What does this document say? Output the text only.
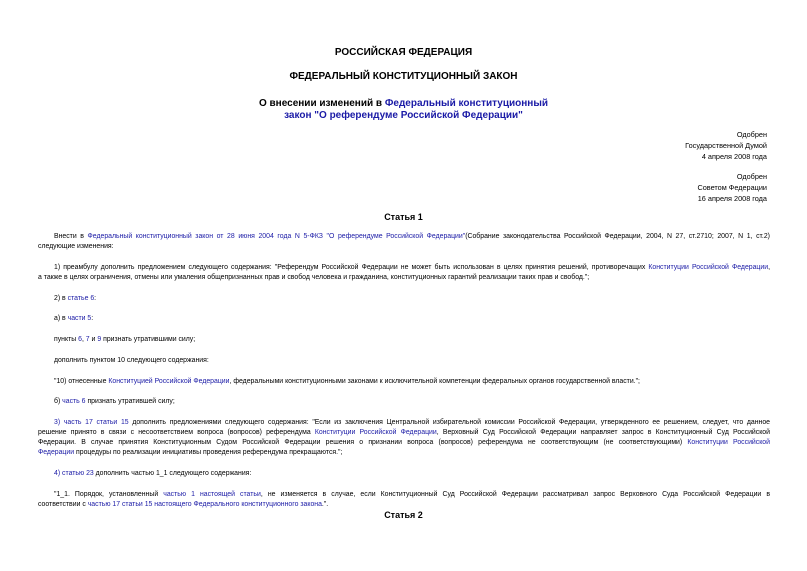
РОССИЙСКАЯ ФЕДЕРАЦИЯ
ФЕДЕРАЛЬНЫЙ КОНСТИТУЦИОННЫЙ ЗАКОН
О внесении изменений в Федеральный конституционный
закон "О референдуме Российской Федерации"
Одобрен
Государственной Думой
4 апреля 2008 года
Одобрен
Советом Федерации
16 апреля 2008 года
Статья 1
Внести в Федеральный конституционный закон от 28 июня 2004 года N 5-ФКЗ "О референдуме Российской Федерации"(Собрание законодательства Российской Федерации, 2004, N 27, ст.2710; 2007, N 1, ст.2)
следующие изменения:
1) преамбулу дополнить предложением следующего содержания: "Референдум Российской Федерации не может быть использован в целях принятия решений, противоречащих Конституции Российской Федерации,
а также в целях ограничения, отмены или умаления общепризнанных прав и свобод человека и гражданина, конституционных гарантий реализации таких прав и свобод.";
2) в статье 6:
а) в части 5:
пункты 6, 7 и 9 признать утратившими силу;
дополнить пунктом 10 следующего содержания:
"10) отнесенные Конституцией Российской Федерации, федеральными конституционными законами к исключительной компетенции федеральных органов государственной власти.";
б) часть 6 признать утратившей силу;
3) часть 17 статьи 15 дополнить предложениями следующего содержания: "Если из заключения Центральной избирательной комиссии Российской Федерации, утвержденного ее решением, следует, что данное
решение принято в связи с несоответствием вопроса (вопросов) референдума Конституции Российской Федерации, Верховный Суд Российской Федерации направляет запрос в Конституционный Суд Российской
Федерации. В случае принятия Конституционным Судом Российской Федерации решения о признании вопроса (вопросов) референдума не соответствующим (не соответствующими) Конституции Российской
Федерации процедуры по реализации инициативы проведения референдума прекращаются.";
4) статью 23 дополнить частью 1_1 следующего содержания:
"1_1. Порядок, установленный частью 1 настоящей статьи, не изменяется в случае, если Конституционный Суд Российской Федерации рассматривал запрос Верховного Суда Российской Федерации в
соответствии с частью 17 статьи 15 настоящего Федерального конституционного закона.".
Статья 2
